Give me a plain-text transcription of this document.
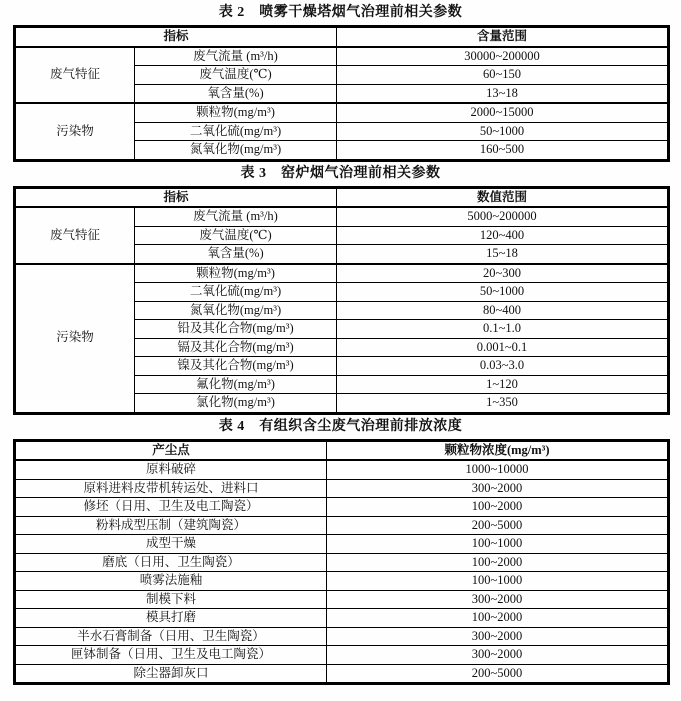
表 2　喷雾干燥塔烟气治理前相关参数
指标		含量范围
废气特征	废气流量 (m³/h)	30000~200000
	废气温度(℃)	60~150
	氧含量(%)	13~18
污染物	颗粒物(mg/m³)	2000~15000
	二氧化硫(mg/m³)	50~1000
	氮氧化物(mg/m³)	160~500
表 3　窑炉烟气治理前相关参数
指标		数值范围
废气特征	废气流量 (m³/h)	5000~200000
	废气温度(℃)	120~400
	氧含量(%)	15~18
污染物	颗粒物(mg/m³)	20~300
	二氧化硫(mg/m³)	50~1000
	氮氧化物(mg/m³)	80~400
	铅及其化合物(mg/m³)	0.1~1.0
	镉及其化合物(mg/m³)	0.001~0.1
	镍及其化合物(mg/m³)	0.03~3.0
	氟化物(mg/m³)	1~120
	氯化物(mg/m³)	1~350
表 4　有组织含尘废气治理前排放浓度
产尘点	颗粒物浓度(mg/m³)
原料破碎	1000~10000
原料进料皮带机转运处、进料口	300~2000
修坯（日用、卫生及电工陶瓷）	100~2000
粉料成型压制（建筑陶瓷）	200~5000
成型干燥	100~1000
磨底（日用、卫生陶瓷）	100~2000
喷雾法施釉	100~1000
制模下料	300~2000
模具打磨	100~2000
半水石膏制备（日用、卫生陶瓷）	300~2000
匣钵制备（日用、卫生及电工陶瓷）	300~2000
除尘器卸灰口	200~5000
